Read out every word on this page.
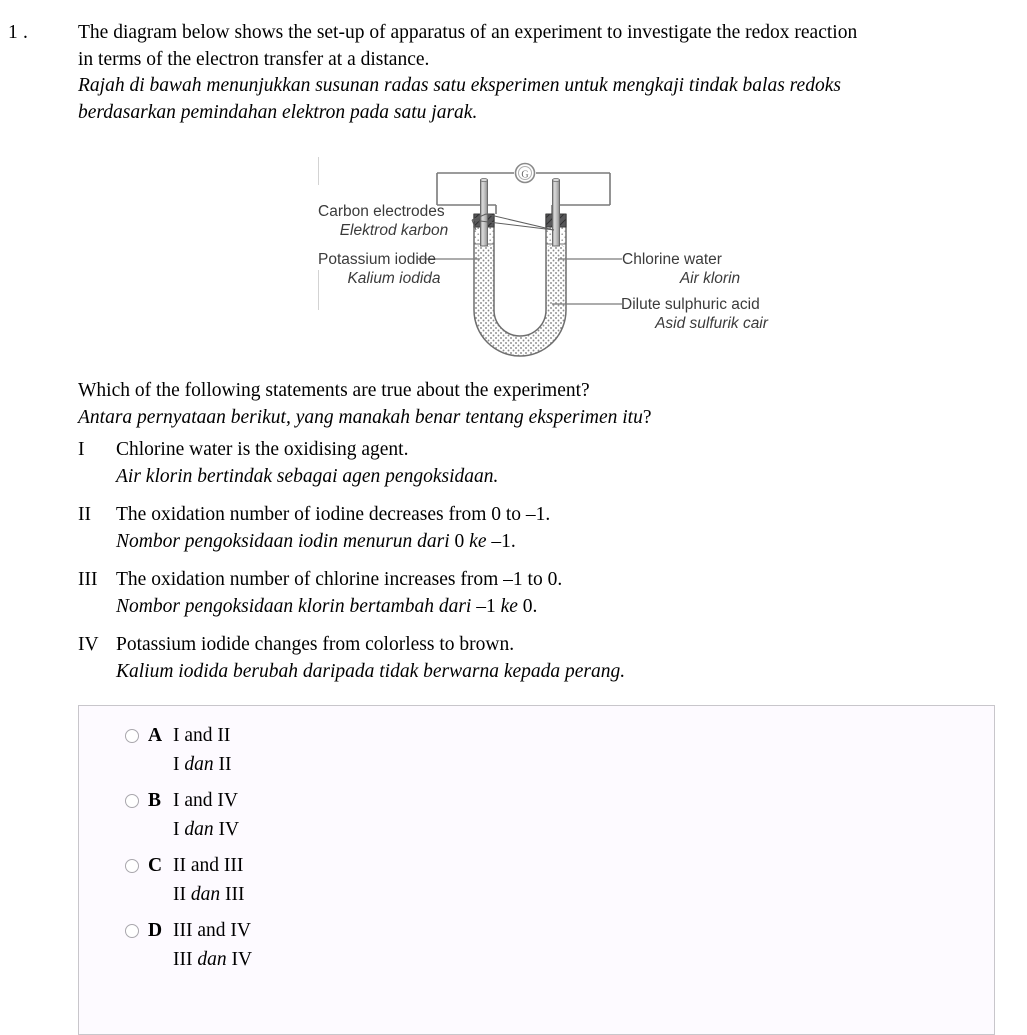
1 .	The diagram below shows the set-up of apparatus of an experiment to investigate the redox reaction
in terms of the electron transfer at a distance.
Rajah di bawah menunjukkan susunan radas satu eksperimen untuk mengkaji tindak balas redoks
berdasarkan pemindahan elektron pada satu jarak.
G
Carbon electrodes
Elektrod karbon
Potassium iodide
Kalium iodida
Chlorine water
Air klorin
Dilute sulphuric acid
Asid sulfurik cair
Which of the following statements are true about the experiment?
Antara pernyataan berikut, yang manakah benar tentang eksperimen itu?
I Chlorine water is the oxidising agent.
Air klorin bertindak sebagai agen pengoksidaan.
II The oxidation number of iodine decreases from 0 to –1.
Nombor pengoksidaan iodin menurun dari 0 ke –1.
III The oxidation number of chlorine increases from –1 to 0.
Nombor pengoksidaan klorin bertambah dari –1 ke 0.
IV Potassium iodide changes from colorless to brown.
Kalium iodida berubah daripada tidak berwarna kepada perang.
A I and II
I dan II
B I and IV
I dan IV
C II and III
II dan III
D III and IV
III dan IV
